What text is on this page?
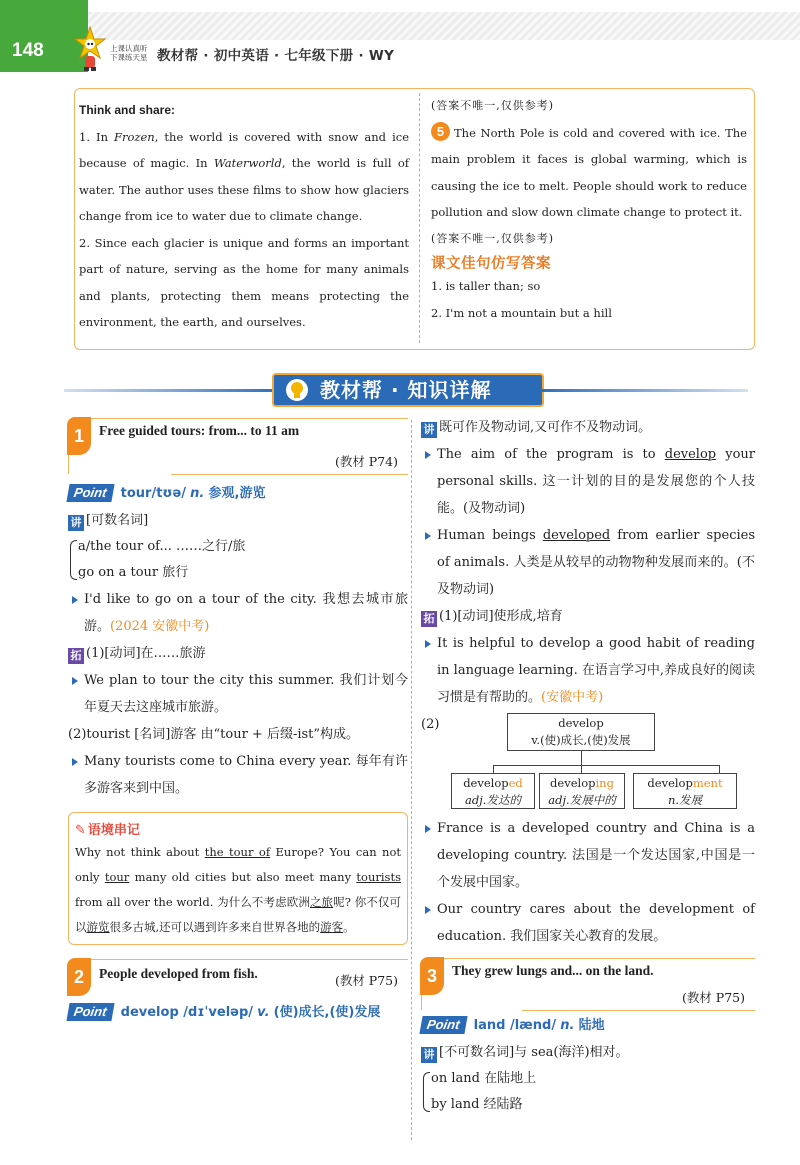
148	上课认真听 下课练天星 教材帮 · 初中英语 · 七年级下册 · WY
Think and share:
1. In Frozen, the world is covered with snow and ice because of magic. In Waterworld, the world is full of water. The author uses these films to show how glaciers change from ice to water due to climate change.
2. Since each glacier is unique and forms an important part of nature, serving as the home for many animals and plants, protecting them means protecting the environment, the earth, and ourselves.
(答案不唯一,仅供参考)
5 The North Pole is cold and covered with ice. The main problem it faces is global warming, which is causing the ice to melt. People should work to reduce pollution and slow down climate change to protect it.
(答案不唯一,仅供参考)
课文佳句仿写答案
1. is taller than; so
2. I'm not a mountain but a hill
教材帮 · 知识详解
1	Free guided tours: from... to 11 am
(教材 P74)
Point tour/tʊə/ n. 参观,游览
讲 [可数名词]
a/the tour of... ……之行/旅
go on a tour 旅行
I'd like to go on a tour of the city. 我想去城市旅游。(2024 安徽中考)
拓 (1)[动词]在……旅游
We plan to tour the city this summer. 我们计划今年夏天去这座城市旅游。
(2)tourist [名词]游客 由“tour + 后缀-ist”构成。
Many tourists come to China every year. 每年有许多游客来到中国。
✎ 语境串记
Why not think about the tour of Europe? You can not only tour many old cities but also meet many tourists from all over the world. 为什么不考虑欧洲之旅呢? 你不仅可以游览很多古城,还可以遇到许多来自世界各地的游客。
2	People developed from fish.	(教材 P75)
Point develop /dɪˈveləp/ v. (使)成长,(使)发展
讲 既可作及物动词,又可作不及物动词。
The aim of the program is to develop your personal skills. 这一计划的目的是发展您的个人技能。(及物动词)
Human beings developed from earlier species of animals. 人类是从较早的动物物种发展而来的。(不及物动词)
拓 (1)[动词]使形成,培育
It is helpful to develop a good habit of reading in language learning. 在语言学习中,养成良好的阅读习惯是有帮助的。(安徽中考)
(2)	develop
v.(使)成长,(使)发展
developed
adj.发达的
developing
adj.发展中的
development
n.发展
France is a developed country and China is a developing country. 法国是一个发达国家,中国是一个发展中国家。
Our country cares about the development of education. 我们国家关心教育的发展。
3	They grew lungs and... on the land.
(教材 P75)
Point land /lænd/ n. 陆地
讲 [不可数名词]与 sea(海洋)相对。
on land 在陆地上
by land 经陆路
